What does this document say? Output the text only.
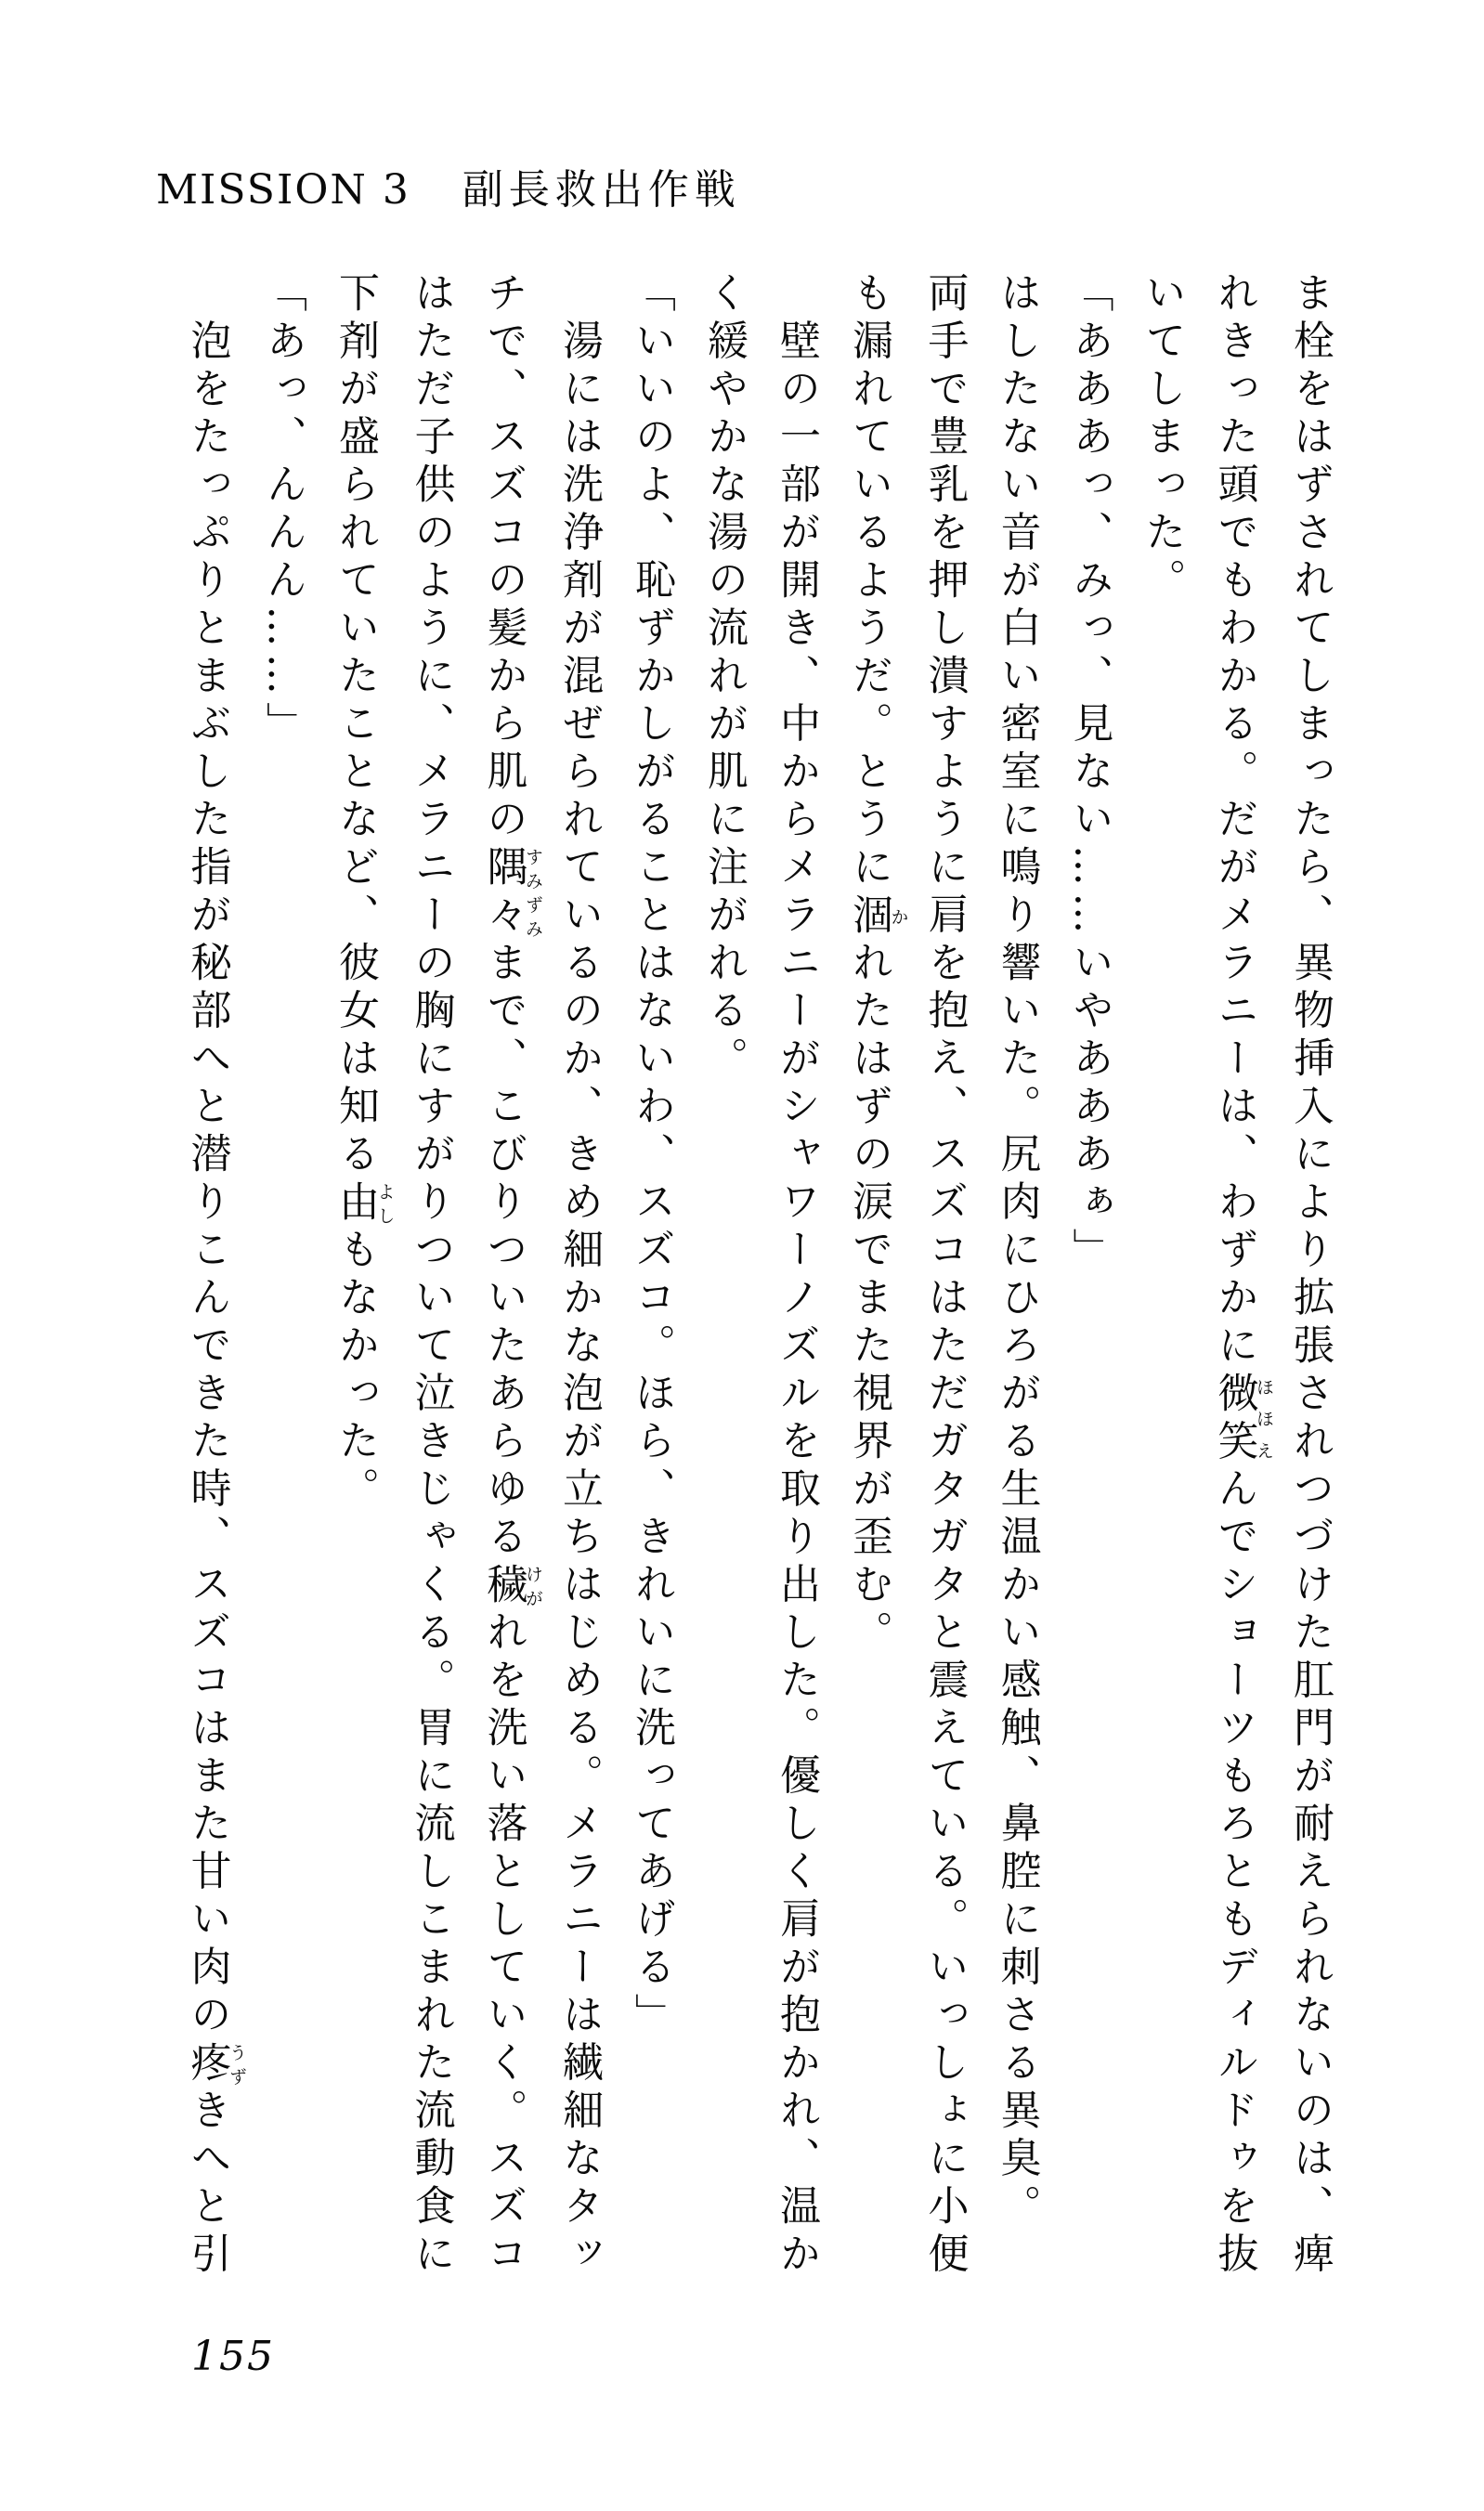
MISSION 3 副長救出作戦
ま栓をはずされてしまったら、異物挿入により拡張されつづけた肛門が耐えられないのは、痺
れきった頭でもわかる。だがメラニーは、わずかに微笑ほほえんでショーツもろともディルドゥを抜
いてしまった。
「あああっ、みっ、見ない……いやあああぁ」
はしたない音が白い密室に鳴り響いた。尻肉にひろがる生温かい感触、鼻腔に刺さる異臭。
両手で豊乳を押し潰すように肩を抱え、スズコはただガタガタと震えている。いっしょに小便
も漏れているようだ。とうに涸かれたはずの涙でまた視界が歪む。
　壁の一部が開き、中からメラニーがシャワーノズルを取り出した。優しく肩が抱かれ、温か
く緩やかな湯の流れが肌に注がれる。
「いいのよ、恥ずかしがることはないわ、スズコ。ほら、きれいに洗ってあげる」
　湯には洗浄剤が混ぜられているのか、きめ細かな泡が立ちはじめる。メラニーは繊細なタッ
チで、スズコの髪から肌の隅々すみずみまで、こびりついたあらゆる穢けがれを洗い落としていく。スズコ
はただ子供のように、メラニーの胸にすがりついて泣きじゃくる。胃に流しこまれた流動食に
下剤が盛られていたことなど、彼女は知る由よしもなかった。
「あっ、んんん……」
　泡をたっぷりとまぶした指が秘部へと潜りこんできた時、スズコはまた甘い肉の疼うずきへと引
155
